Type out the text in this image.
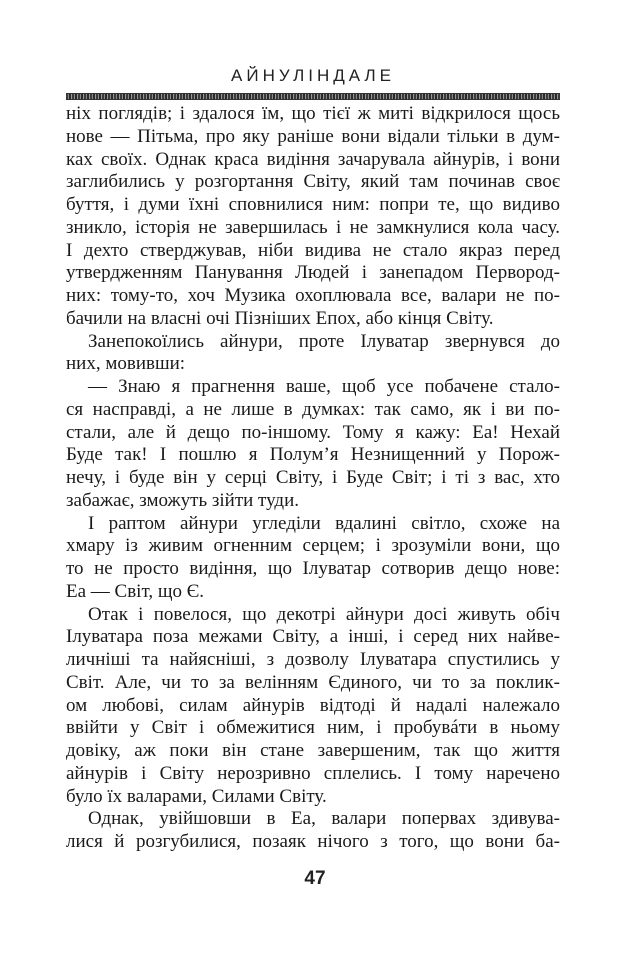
АЙНУЛІНДАЛЕ
ніх поглядів; і здалося їм, що тієї ж миті відкрилося щось
нове — Пітьма, про яку раніше вони відали тільки в дум-
ках своїх. Однак краса видіння зачарувала айнурів, і вони
заглибились у розгортання Світу, який там починав своє
буття, і думи їхні сповнилися ним: попри те, що видиво
зникло, історія не завершилась і не замкнулися кола часу.
І дехто стверджував, ніби видива не стало якраз перед
утвердженням Панування Людей і занепадом Первород-
них: тому-то, хоч Музика охоплювала все, валари не по-
бачили на власні очі Пізніших Епох, або кінця Світу.
Занепокоїлись айнури, проте Ілуватар звернувся до
них, мовивши:
— Знаю я прагнення ваше, щоб усе побачене стало-
ся насправді, а не лише в думках: так само, як і ви по-
стали, але й дещо по-іншому. Тому я кажу: Еа! Нехай
Буде так! І пошлю я Полумʼя Незнищенний у Порож-
нечу, і буде він у серці Світу, і Буде Світ; і ті з вас, хто
забажає, зможуть зійти туди.
І раптом айнури угледіли вдалині світло, схоже на
хмару із живим огненним серцем; і зрозуміли вони, що
то не просто видіння, що Ілуватар сотворив дещо нове:
Еа — Світ, що Є.
Отак і повелося, що декотрі айнури досі живуть обіч
Ілуватара поза межами Світу, а інші, і серед них найве-
личніші та найясніші, з дозволу Ілуватара спустились у
Світ. Але, чи то за велінням Єдиного, чи то за поклик-
ом любові, силам айнурів відтоді й надалі належало
ввійти у Світ і обмежитися ним, і пробувáти в ньому
довіку, аж поки він стане завершеним, так що життя
айнурів і Світу нерозривно сплелись. І тому наречено
було їх валарами, Силами Світу.
Однак, увійшовши в Еа, валари поперваx здивува-
лися й розгубилися, позаяк нічого з того, що вони ба-
47
